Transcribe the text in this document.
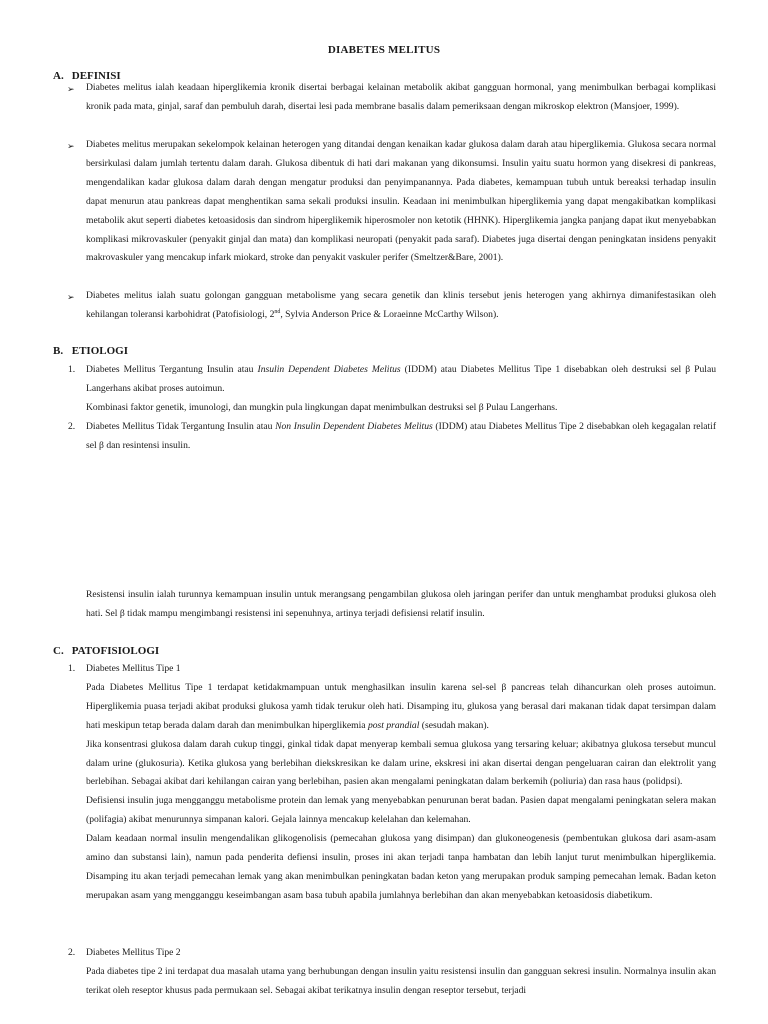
DIABETES MELITUS
A. DEFINISI
➢ Diabetes melitus ialah keadaan hiperglikemia kronik disertai berbagai kelainan metabolik akibat gangguan hormonal, yang menimbulkan berbagai komplikasi kronik pada mata, ginjal, saraf dan pembuluh darah, disertai lesi pada membrane basalis dalam pemeriksaan dengan mikroskop elektron (Mansjoer, 1999).

➢ Diabetes melitus merupakan sekelompok kelainan heterogen yang ditandai dengan kenaikan kadar glukosa dalam darah atau hiperglikemia. Glukosa secara normal bersirkulasi dalam jumlah tertentu dalam darah. Glukosa dibentuk di hati dari makanan yang dikonsumsi. Insulin yaitu suatu hormon yang disekresi di pankreas, mengendalikan kadar glukosa dalam darah dengan mengatur produksi dan penyimpanannya. Pada diabetes, kemampuan tubuh untuk bereaksi terhadap insulin dapat menurun atau pankreas dapat menghentikan sama sekali produksi insulin. Keadaan ini menimbulkan hiperglikemia yang dapat mengakibatkan komplikasi metabolik akut seperti diabetes ketoasidosis dan sindrom hiperglikemik hiperosmoler non ketotik (HHNK). Hiperglikemia jangka panjang dapat ikut menyebabkan komplikasi mikrovaskuler (penyakit ginjal dan mata) dan komplikasi neuropati (penyakit pada saraf). Diabetes juga disertai dengan peningkatan insidens penyakit makrovaskuler yang mencakup infark miokard, stroke dan penyakit vaskuler perifer (Smeltzer&Bare, 2001).

➢ Diabetes melitus ialah suatu golongan gangguan metabolisme yang secara genetik dan klinis tersebut jenis heterogen yang akhirnya dimanifestasikan oleh kehilangan toleransi karbohidrat (Patofisiologi, 2nd, Sylvia Anderson Price & Loraeinne McCarthy Wilson).

B. ETIOLOGI
1. Diabetes Mellitus Tergantung Insulin atau Insulin Dependent Diabetes Melitus (IDDM) atau Diabetes Mellitus Tipe 1 disebabkan oleh destruksi sel β Pulau Langerhans akibat proses autoimun.

Kombinasi faktor genetik, imunologi, dan mungkin pula lingkungan dapat menimbulkan destruksi sel β Pulau Langerhans.

2. Diabetes Mellitus Tidak Tergantung Insulin atau Non Insulin Dependent Diabetes Melitus (IDDM) atau Diabetes Mellitus Tipe 2 disebabkan oleh kegagalan relatif sel β dan resintensi insulin.

Resistensi insulin ialah turunnya kemampuan insulin untuk merangsang pengambilan glukosa oleh jaringan perifer dan untuk menghambat produksi glukosa oleh hati. Sel β tidak mampu mengimbangi resistensi ini sepenuhnya, artinya terjadi defisiensi relatif insulin.

C. PATOFISIOLOGI
1. Diabetes Mellitus Tipe 1

Pada Diabetes Mellitus Tipe 1 terdapat ketidakmampuan untuk menghasilkan insulin karena sel-sel β pancreas telah dihancurkan oleh proses autoimun. Hiperglikemia puasa terjadi akibat produksi glukosa yamh tidak terukur oleh hati. Disamping itu, glukosa yang berasal dari makanan tidak dapat tersimpan dalam hati meskipun tetap berada dalam darah dan menimbulkan hiperglikemia post prandial (sesudah makan).

Jika konsentrasi glukosa dalam darah cukup tinggi, ginkal tidak dapat menyerap kembali semua glukosa yang tersaring keluar; akibatnya glukosa tersebut muncul dalam urine (glukosuria). Ketika glukosa yang berlebihan diekskresikan ke dalam urine, ekskresi ini akan disertai dengan pengeluaran cairan dan elektrolit yang berlebihan. Sebagai akibat dari kehilangan cairan yang berlebihan, pasien akan mengalami peningkatan dalam berkemih (poliuria) dan rasa haus (polidpsi).

Defisiensi insulin juga mengganggu metabolisme protein dan lemak yang menyebabkan penurunan berat badan. Pasien dapat mengalami peningkatan selera makan (polifagia) akibat menurunnya simpanan kalori. Gejala lainnya mencakup kelelahan dan kelemahan.

Dalam keadaan normal insulin mengendalikan glikogenolisis (pemecahan glukosa yang disimpan) dan glukoneogenesis (pembentukan glukosa dari asam-asam amino dan substansi lain), namun pada penderita defiensi insulin, proses ini akan terjadi tanpa hambatan dan lebih lanjut turut menimbulkan hiperglikemia. Disamping itu akan terjadi pemecahan lemak yang akan menimbulkan peningkatan badan keton yang merupakan produk samping pemecahan lemak. Badan keton merupakan asam yang mengganggu keseimbangan asam basa tubuh apabila jumlahnya berlebihan dan akan menyebabkan ketoasidosis diabetikum.

2. Diabetes Mellitus Tipe 2

Pada diabetes tipe 2 ini terdapat dua masalah utama yang berhubungan dengan insulin yaitu resistensi insulin dan gangguan sekresi insulin. Normalnya insulin akan terikat oleh reseptor khusus pada permukaan sel. Sebagai akibat terikatnya insulin dengan reseptor tersebut, terjadi
